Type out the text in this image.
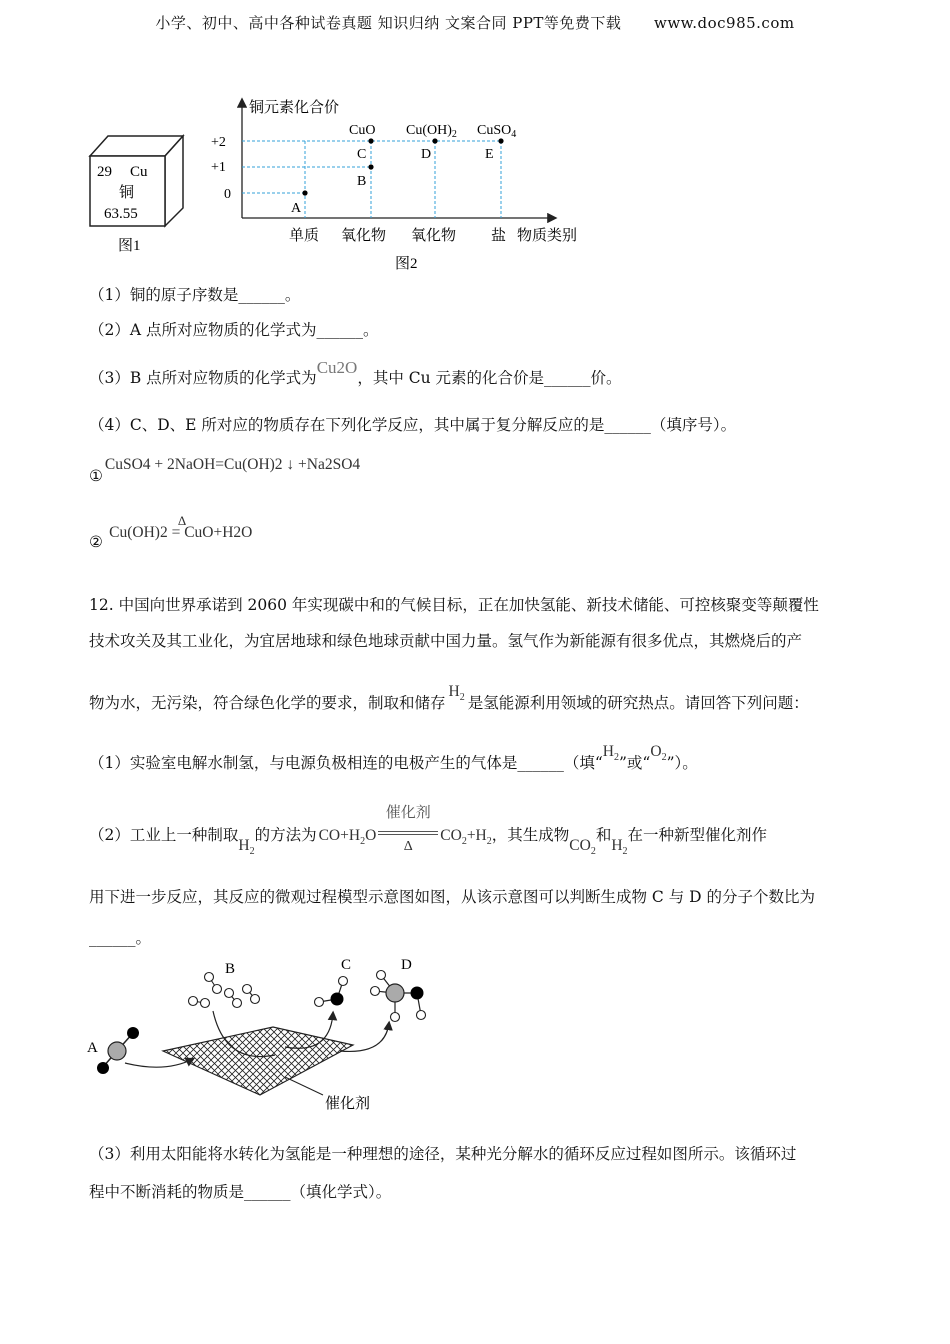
小学、初中、高中各种试卷真题 知识归纳 文案合同 PPT等免费下载 www.doc985.com
29 Cu
铜
63.55
图1
铜元素化合价
物质类别
+2
+1
0
单质 氧化物 氧化物 盐
图2
A
B
C	D	E
CuO $Cu(OH)_2$ CuSO$_4$
（1）铜的原子序数是______。
（2）A 点所对应物质的化学式为______。
（3）B 点所对应物质的化学式为Cu2O，其中 Cu 元素的化合价是______价。
（4）C、D、E 所对应的物质存在下列化学反应，其中属于复分解反应的是______（填序号）。
①CuSO4 + 2NaOH=Cu(OH)2 ↓ +Na2SO4
② Δ Cu(OH)2 = CuO+H2O
12. 中国向世界承诺到 2060 年实现碳中和的气候目标，正在加快氢能、新技术储能、可控核聚变等颠覆性
技术攻关及其工业化，为宜居地球和绿色地球贡献中国力量。氢气作为新能源有很多优点，其燃烧后的产
物为水，无污染，符合绿色化学的要求，制取和储存$H_2$ 是氢能源利用领域的研究热点。请回答下列问题：
（1）实验室电解水制氢，与电源负极相连的电极产生的气体是______（填“$H_2$”或“$O_2$”）。
（2）工业上一种制取$H_2$的方法为 $CO+H_2O$
催化剂
Δ
$CO_2+H_2$，其生成物$CO_2$和$H_2$在一种新型催化剂作
用下进一步反应，其反应的微观过程模型示意图如图，从该示意图可以判断生成物 C 与 D 的分子个数比为
______。
催化剂
A
B	C	D
（3）利用太阳能将水转化为氢能是一种理想的途径，某种光分解水的循环反应过程如图所示。该循环过
程中不断消耗的物质是______（填化学式）。
